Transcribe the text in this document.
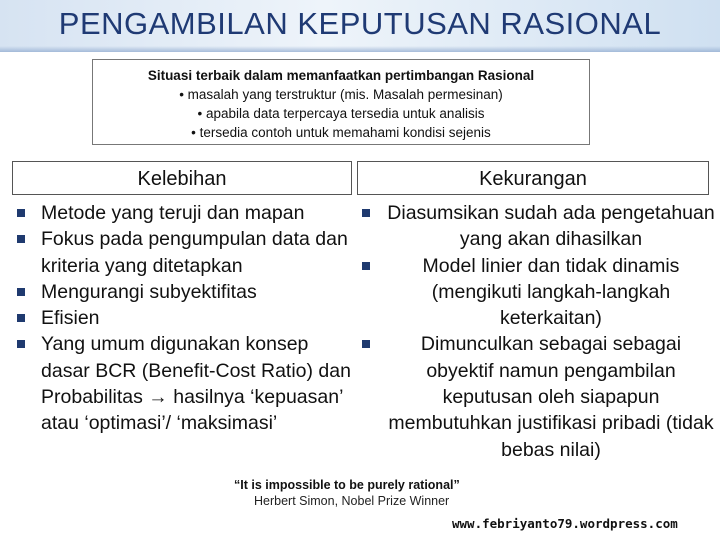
PENGAMBILAN KEPUTUSAN RASIONAL
Situasi terbaik dalam memanfaatkan pertimbangan Rasional
• masalah yang terstruktur (mis. Masalah permesinan)
• apabila data terpercaya tersedia untuk analisis
• tersedia contoh untuk memahami kondisi sejenis
Kelebihan	Kekurangan
Metode yang teruji dan mapan
Fokus pada pengumpulan data dan kriteria yang ditetapkan
Mengurangi subyektifitas
Efisien
Yang umum digunakan konsep dasar BCR (Benefit-Cost Ratio) dan Probabilitas → hasilnya ‘kepuasan’ atau ‘optimasi’/ ‘maksimasi’
Diasumsikan sudah ada pengetahuan yang akan dihasilkan
Model linier dan tidak dinamis (mengikuti langkah-langkah keterkaitan)
Dimunculkan sebagai sebagai obyektif namun pengambilan keputusan oleh siapapun membutuhkan justifikasi pribadi (tidak bebas nilai)
“It is impossible to be purely rational”
Herbert Simon, Nobel Prize Winner
www.febriyanto79.wordpress.com
